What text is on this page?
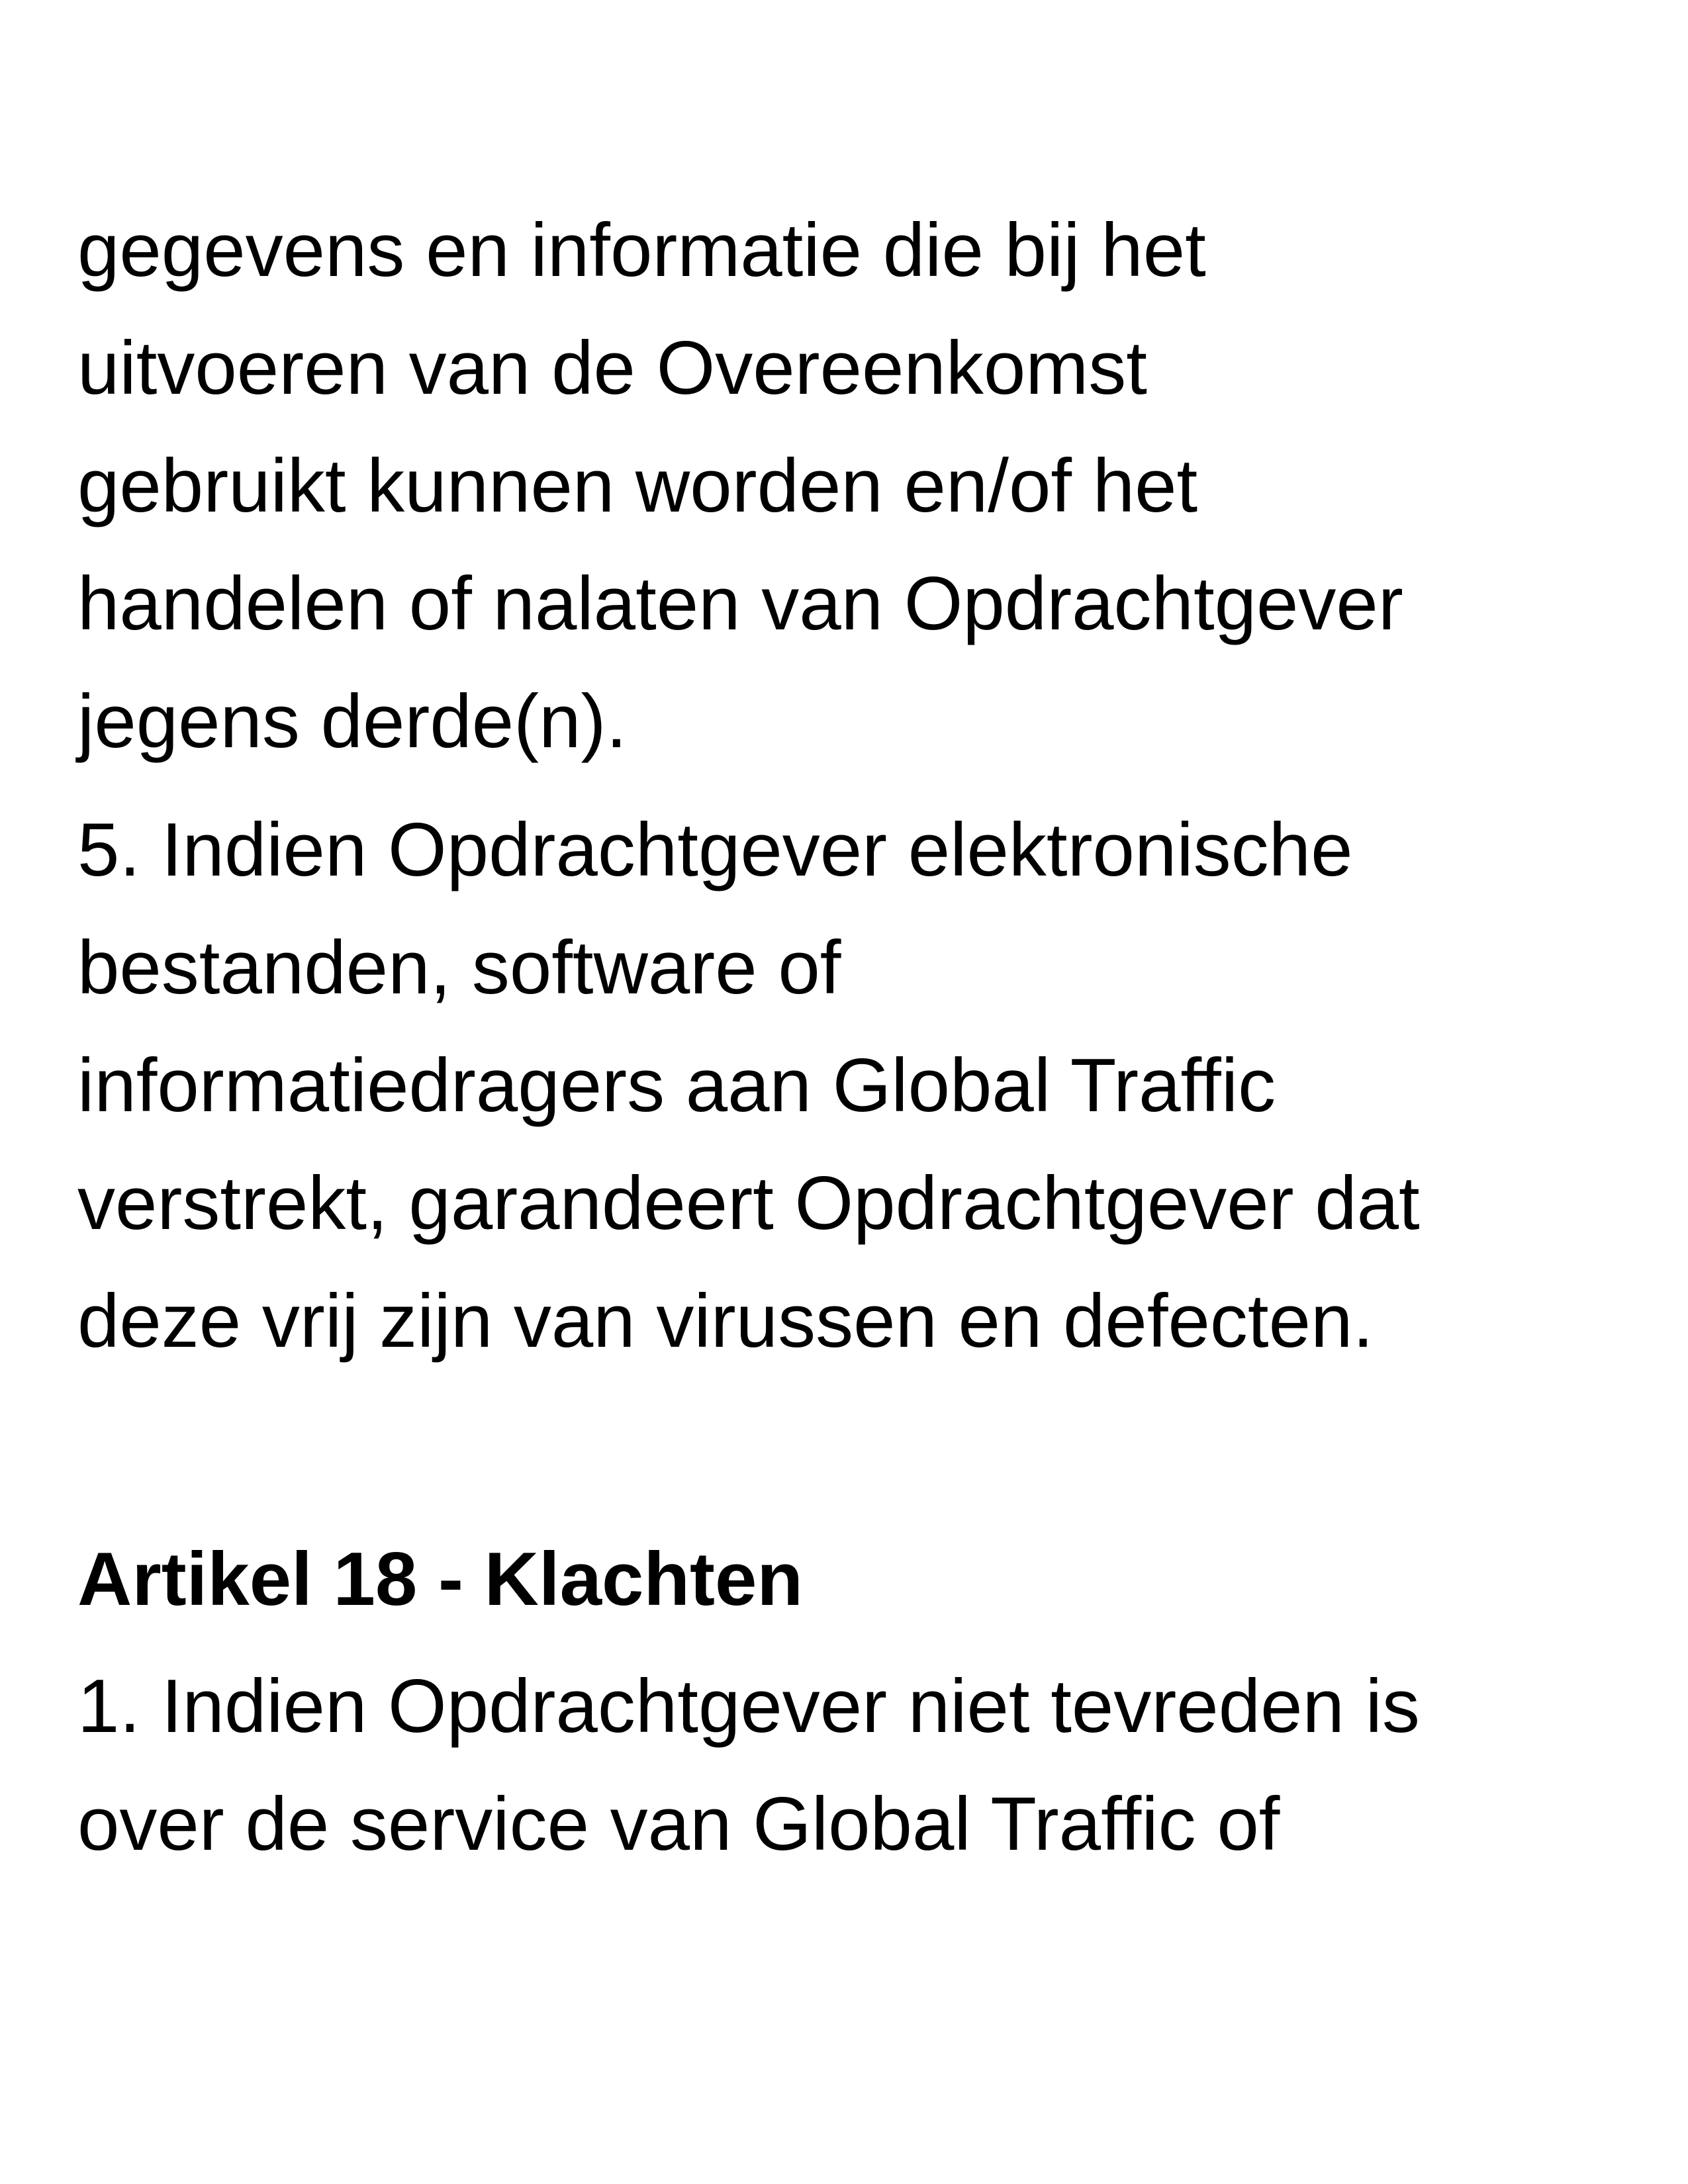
gegevens en informatie die bij het
uitvoeren van de Overeenkomst
gebruikt kunnen worden en/of het
handelen of nalaten van Opdrachtgever
jegens derde(n).

5. Indien Opdrachtgever elektronische
bestanden, software of
informatiedragers aan Global Traffic
verstrekt, garandeert Opdrachtgever dat
deze vrij zijn van virussen en defecten.

Artikel 18 - Klachten

1. Indien Opdrachtgever niet tevreden is
over de service van Global Traffic of
